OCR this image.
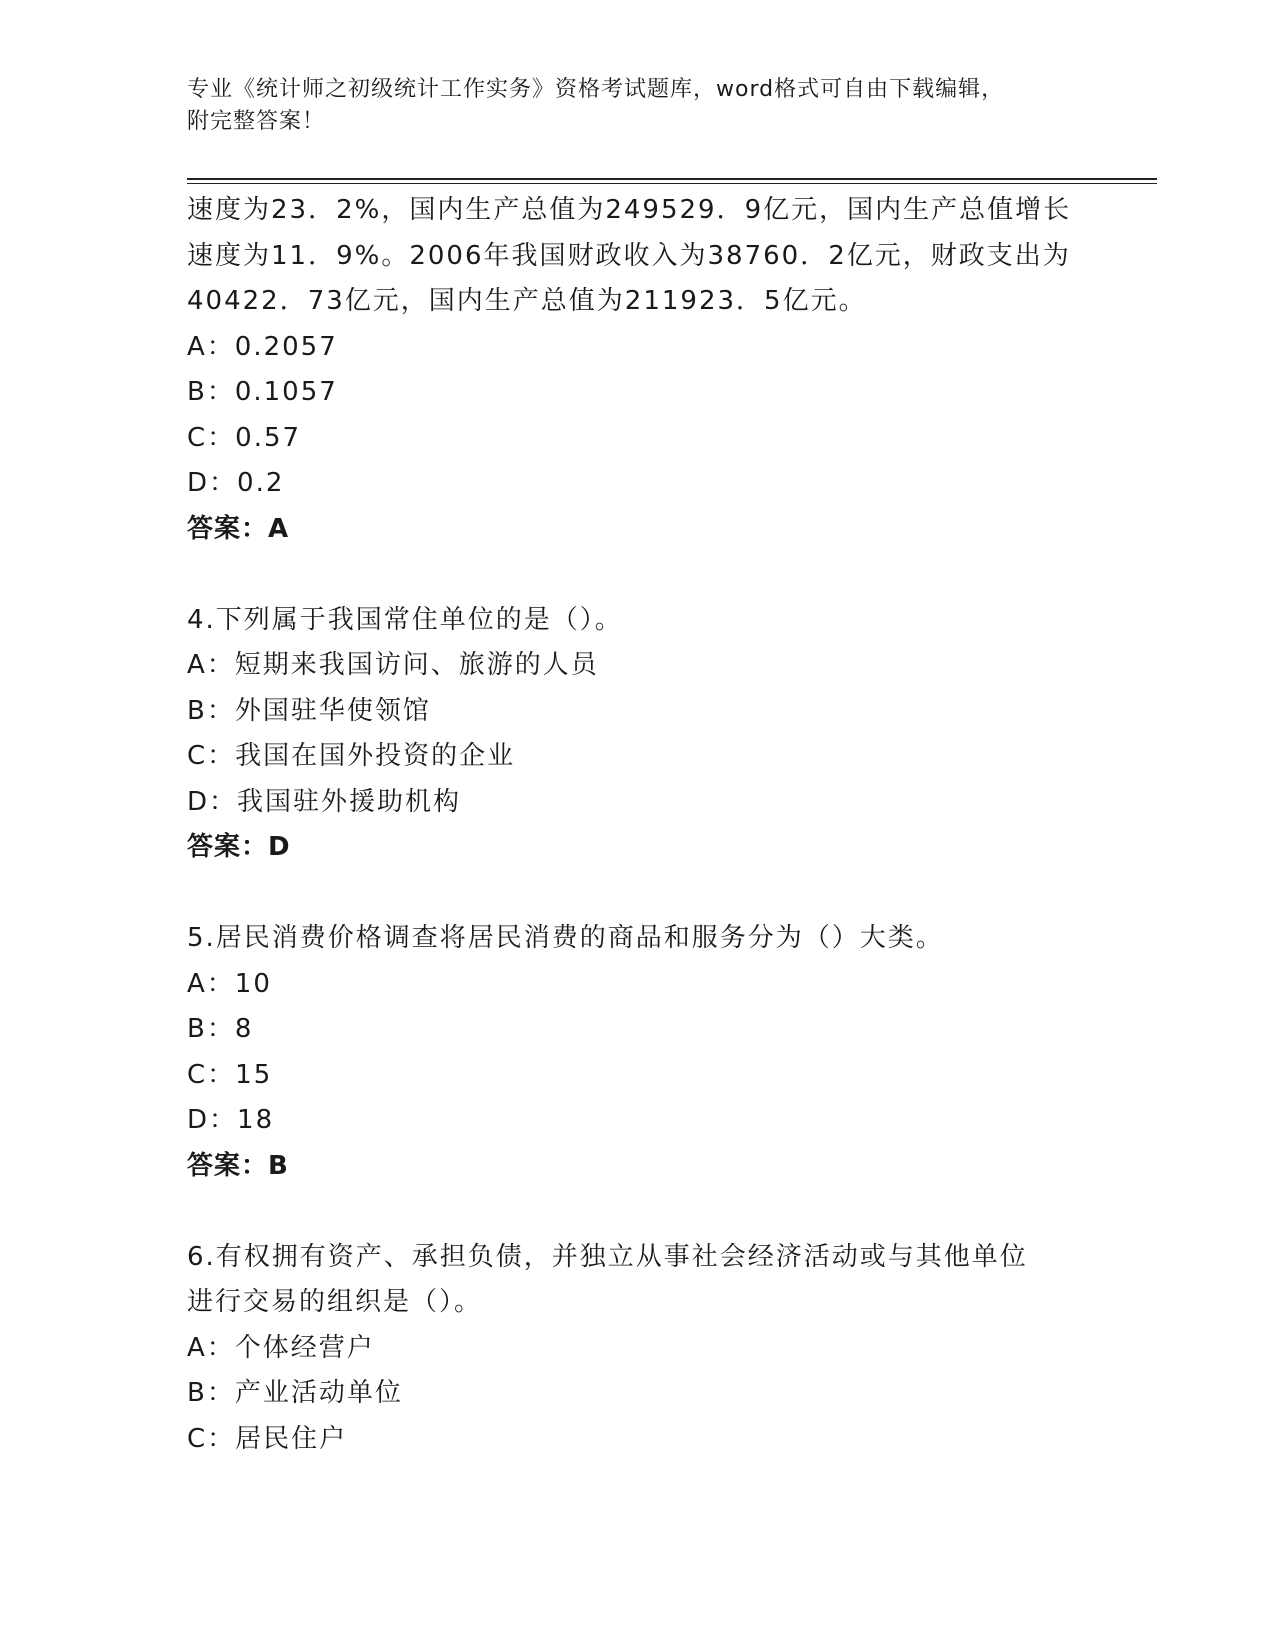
专业《统计师之初级统计工作实务》资格考试题库，word格式可自由下载编辑，
附完整答案！
速度为23．2%，国内生产总值为249529．9亿元，国内生产总值增长
速度为11．9%。2006年我国财政收入为38760．2亿元，财政支出为
40422．73亿元，国内生产总值为211923．5亿元。
A：0.2057
B：0.1057
C：0.57
D：0.2
答案：A
4.下列属于我国常住单位的是（）。
A：短期来我国访问、旅游的人员
B：外国驻华使领馆
C：我国在国外投资的企业
D：我国驻外援助机构
答案：D
5.居民消费价格调查将居民消费的商品和服务分为（）大类。
A：10
B：8
C：15
D：18
答案：B
6.有权拥有资产、承担负债，并独立从事社会经济活动或与其他单位
进行交易的组织是（）。
A：个体经营户
B：产业活动单位
C：居民住户
